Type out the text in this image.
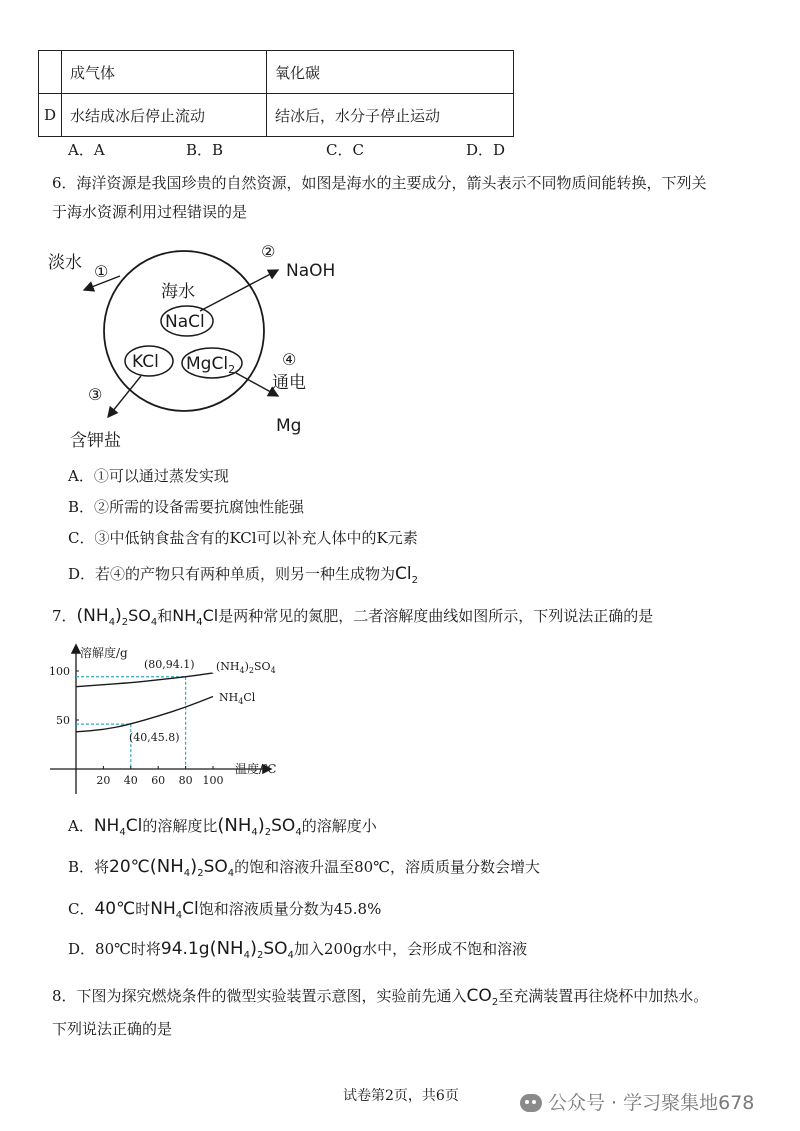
	成气体	氧化碳
D	水结成冰后停止流动	结冰后，水分子停止运动
A．A	B．B	C．C	D．D
6．海洋资源是我国珍贵的自然资源，如图是海水的主要成分，箭头表示不同物质间能转换，下列关
于海水资源利用过程错误的是
淡水 ①
②
NaOH
海水
NaCl
KCl MgCl$_2$
④
通电
③
Mg
含钾盐
A．①可以通过蒸发实现
B．②所需的设备需要抗腐蚀性能强
C．③中低钠食盐含有的KCl可以补充人体中的K元素
D．若④的产物只有两种单质，则另一种生成物为$Cl_2$
7．$(NH_4)_2SO_4$和$NH_4Cl$是两种常见的氮肥，二者溶解度曲线如图所示，下列说法正确的是
20 40 60 80 100
50
100
溶解度/g
温度/℃
(80,94.1)
(40,45.8)
$(NH_4)_2SO_4$
$NH_4Cl$
A．$NH_4Cl$的溶解度比$(NH_4)_2SO_4$的溶解度小
B．将$20℃(NH_4)_2SO_4$的饱和溶液升温至80℃，溶质质量分数会增大
C．40℃时$NH_4Cl$饱和溶液质量分数为45.8%
D．80℃时将$94.1g(NH_4)_2SO_4$加入200g水中，会形成不饱和溶液
8．下图为探究燃烧条件的微型实验装置示意图，实验前先通入$CO_2$至充满装置再往烧杯中加热水。
下列说法正确的是
试卷第2页，共6页	公众号 · 学习聚集地678
